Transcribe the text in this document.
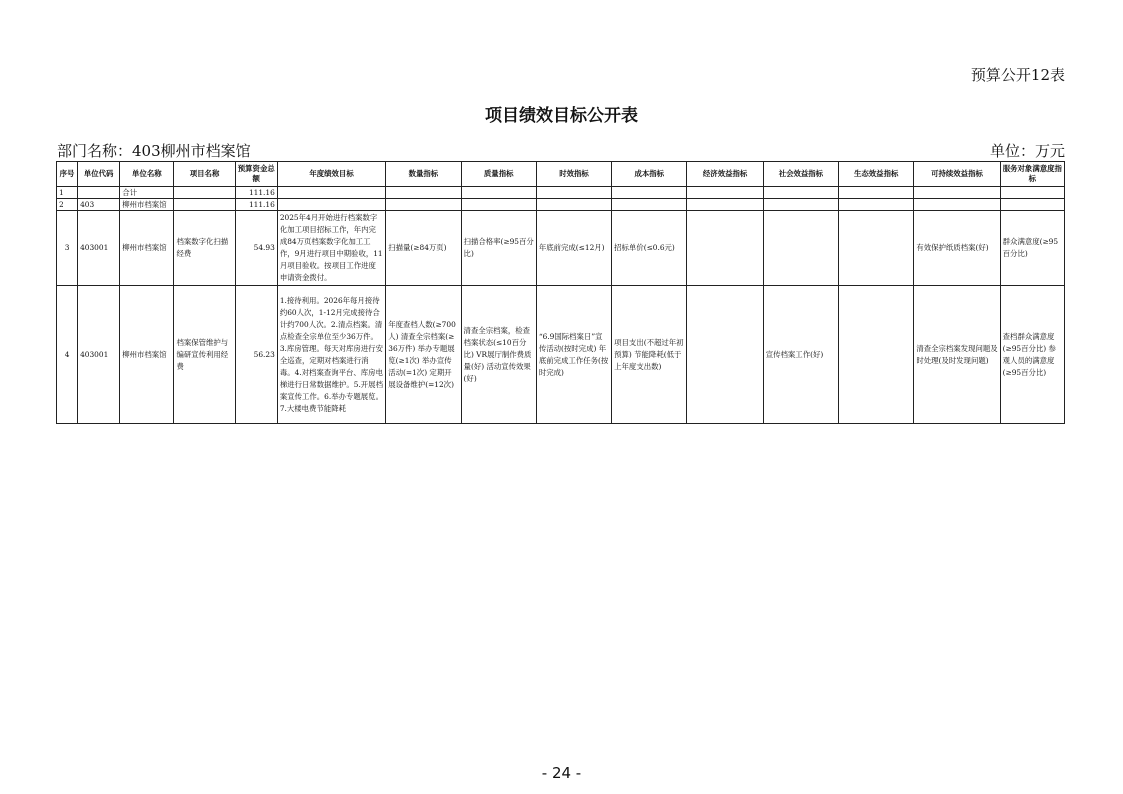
预算公开12表
项目绩效目标公开表
部门名称：403柳州市档案馆	单位：万元
序号	单位代码	单位名称	项目名称	预算资金总额	年度绩效目标	数量指标	质量指标	时效指标	成本指标	经济效益指标	社会效益指标	生态效益指标	可持续效益指标	服务对象满意度指标
1		合计		111.16										
2	403	柳州市档案馆		111.16										
3	403001	柳州市档案馆	档案数字化扫描经费	54.93	2025年4月开始进行档案数字化加工项目招标工作，年内完成84万页档案数字化加工工作，9月进行项目中期验收，11月项目验收。按项目工作进度申请资金拨付。	扫描量(≥84万页)	扫描合格率(≥95百分比)	年底前完成(≤12月)	招标单价(≤0.6元)				有效保护纸质档案(好)	群众满意度(≥95百分比)
4	403001	柳州市档案馆	档案保管维护与编研宣传利用经费	56.23	1.接待利用。2026年每月接待约60人次，1-12月完成接待合计约700人次。2.清点档案。清点检查全宗单位至少36万件。3.库房管理。每天对库房进行安全巡查，定期对档案进行消毒。4.对档案查询平台、库房电梯进行日常数据维护。5.开展档案宣传工作。6.举办专题展览。7.大楼电费节能降耗	年度查档人数(≥700人) 清查全宗档案(≥36万件) 举办专题展览(≥1次) 举办宣传活动(=1次) 定期开展设备维护(=12次)	清查全宗档案，检查档案状态(≤10百分比) VR展厅制作费质量(好) 活动宣传效果(好)	“6.9国际档案日”宣传活动(按时完成) 年底前完成工作任务(按时完成)	项目支出(不超过年初预算) 节能降耗(低于上年度支出数)		宣传档案工作(好)		清查全宗档案发现问题及时处理(及时发现问题)	查档群众满意度(≥95百分比) 参观人员的满意度(≥95百分比)
- 24 -
